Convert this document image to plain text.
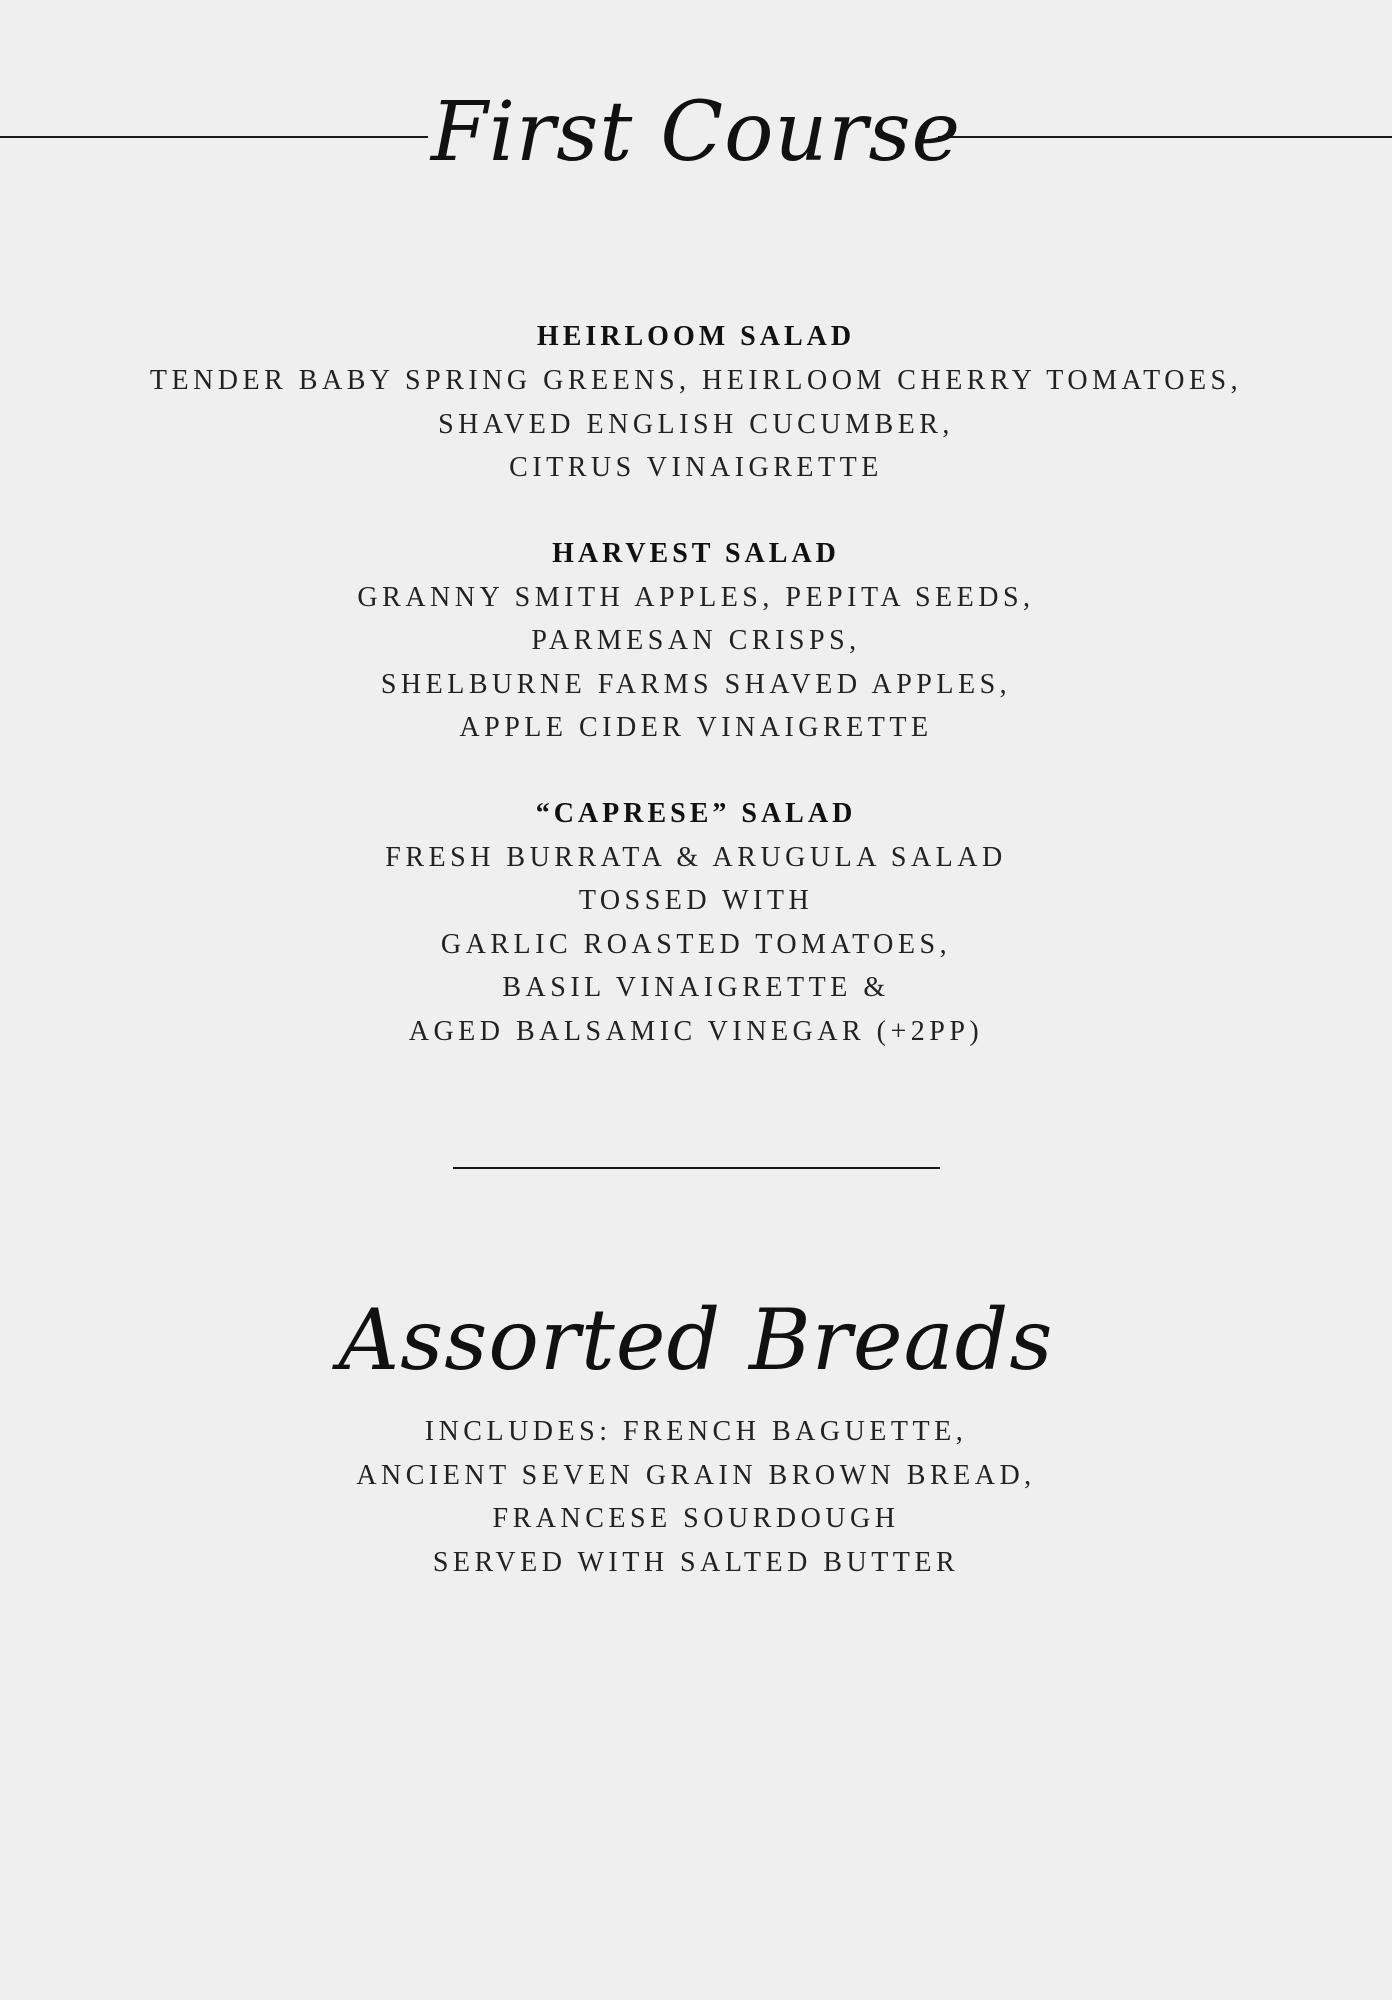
First Course
HEIRLOOM SALAD
TENDER BABY SPRING GREENS, HEIRLOOM CHERRY TOMATOES,
SHAVED ENGLISH CUCUMBER,
CITRUS VINAIGRETTE
HARVEST SALAD
GRANNY SMITH APPLES, PEPITA SEEDS,
PARMESAN CRISPS,
SHELBURNE FARMS SHAVED APPLES,
APPLE CIDER VINAIGRETTE
“CAPRESE” SALAD
FRESH BURRATA & ARUGULA SALAD
TOSSED WITH
GARLIC ROASTED TOMATOES,
BASIL VINAIGRETTE &
AGED BALSAMIC VINEGAR (+2PP)
Assorted Breads
INCLUDES: FRENCH BAGUETTE,
ANCIENT SEVEN GRAIN BROWN BREAD,
FRANCESE SOURDOUGH
SERVED WITH SALTED BUTTER
